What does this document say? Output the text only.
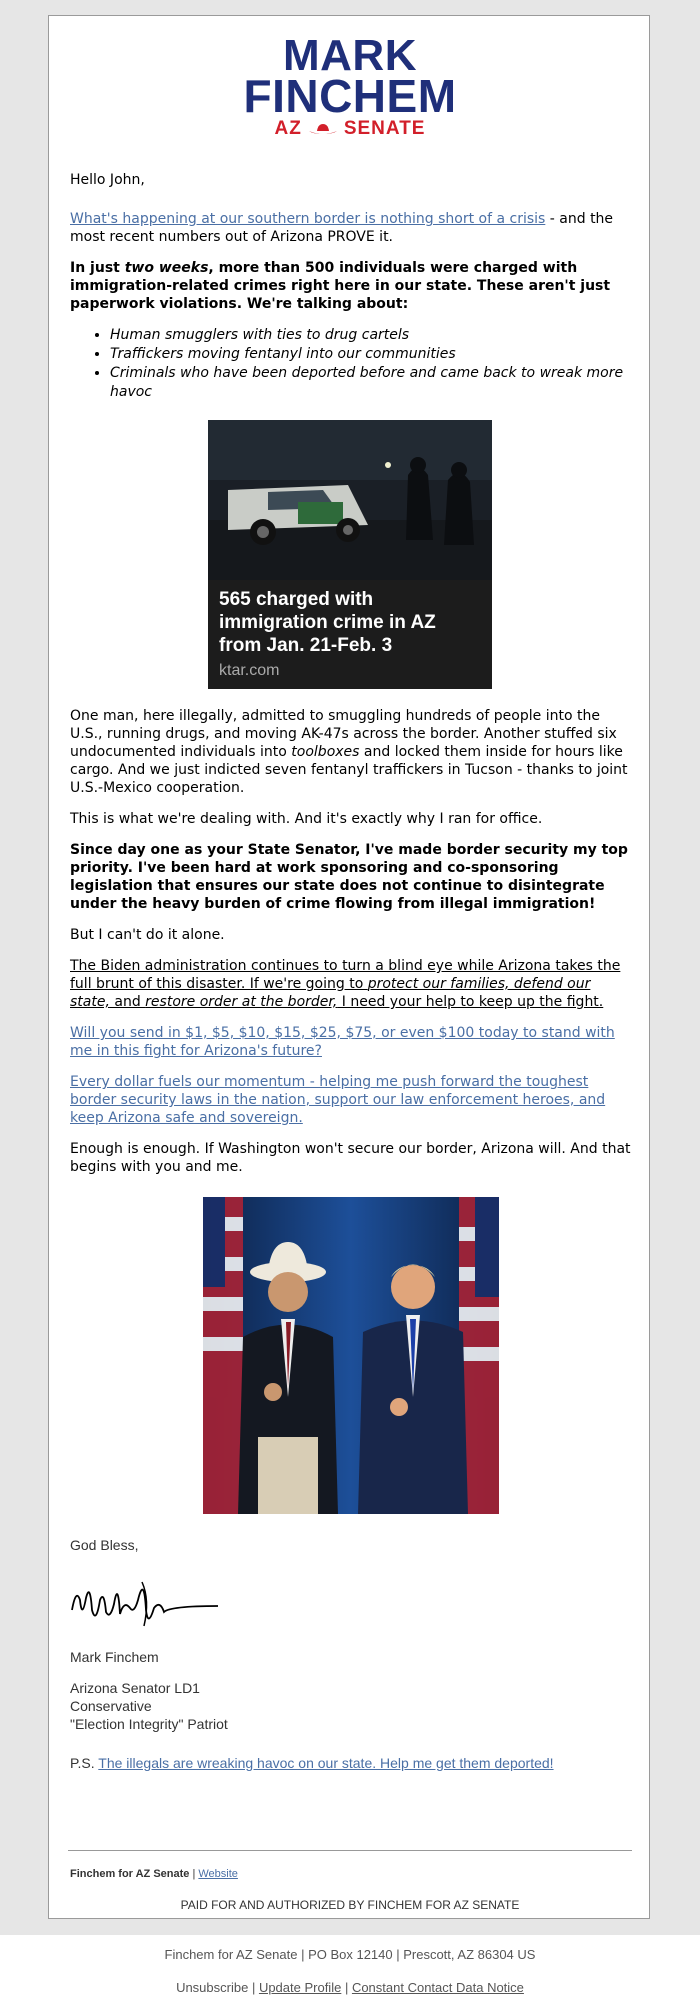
MARK
FINCHEM
AZ SENATE

Hello John,

What's happening at our southern border is nothing short of a crisis - and the most recent numbers out of Arizona PROVE it.

In just two weeks, more than 500 individuals were charged with immigration-related crimes right here in our state. These aren't just paperwork violations. We're talking about:

• Human smugglers with ties to drug cartels
• Traffickers moving fentanyl into our communities
• Criminals who have been deported before and came back to wreak more havoc
565 charged with immigration crime in AZ from Jan. 21-Feb. 3
ktar.com

One man, here illegally, admitted to smuggling hundreds of people into the U.S., running drugs, and moving AK-47s across the border. Another stuffed six undocumented individuals into toolboxes and locked them inside for hours like cargo. And we just indicted seven fentanyl traffickers in Tucson - thanks to joint U.S.-Mexico cooperation.

This is what we're dealing with. And it's exactly why I ran for office.

Since day one as your State Senator, I've made border security my top priority. I've been hard at work sponsoring and co-sponsoring legislation that ensures our state does not continue to disintegrate under the heavy burden of crime flowing from illegal immigration!

But I can't do it alone.

The Biden administration continues to turn a blind eye while Arizona takes the full brunt of this disaster. If we're going to protect our families, defend our state, and restore order at the border, I need your help to keep up the fight.

Will you send in $1, $5, $10, $15, $25, $75, or even $100 today to stand with me in this fight for Arizona's future?

Every dollar fuels our momentum - helping me push forward the toughest border security laws in the nation, support our law enforcement heroes, and keep Arizona safe and sovereign.

Enough is enough. If Washington won't secure our border, Arizona will. And that begins with you and me.

God Bless,
Mark Finchem
Arizona Senator LD1
Conservative
"Election Integrity" Patriot
P.S. The illegals are wreaking havoc on our state. Help me get them deported!
Finchem for AZ Senate | Website
PAID FOR AND AUTHORIZED BY FINCHEM FOR AZ SENATE
Finchem for AZ Senate | PO Box 12140 | Prescott, AZ 86304 US
Unsubscribe | Update Profile | Constant Contact Data Notice
